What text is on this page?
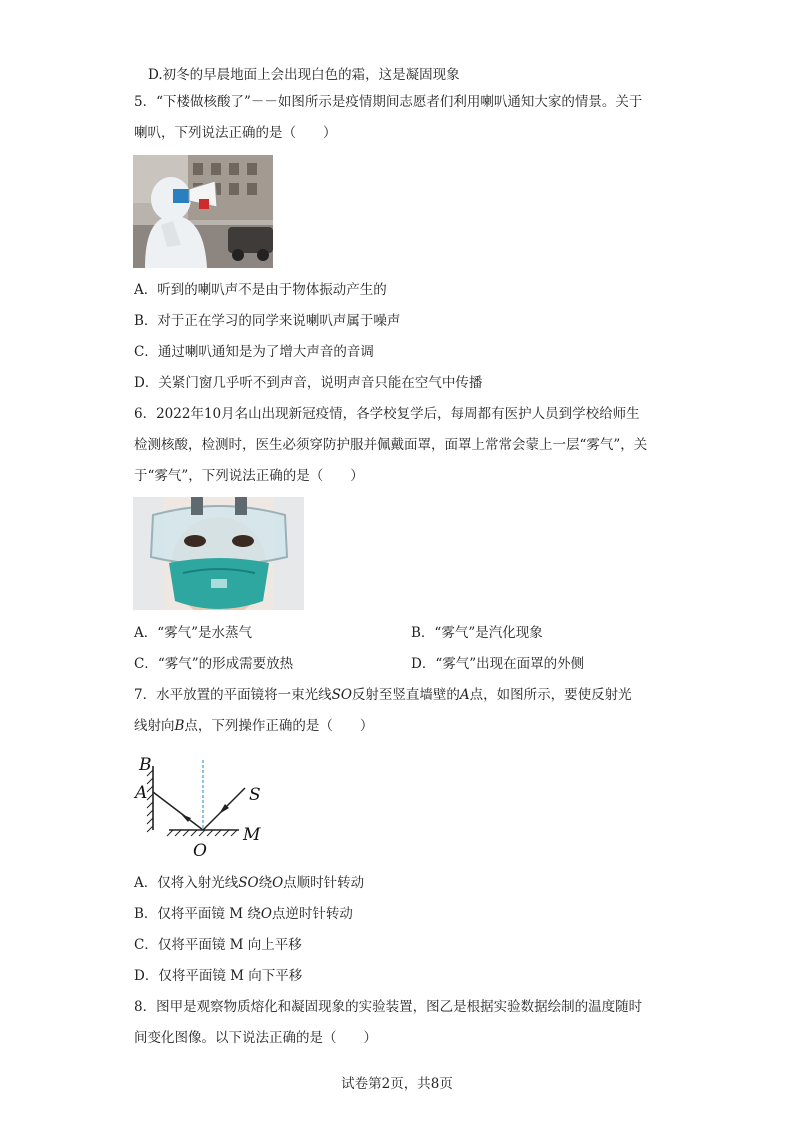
D.初冬的早晨地面上会出现白色的霜，这是凝固现象
5．“下楼做核酸了”－－如图所示是疫情期间志愿者们利用喇叭通知大家的情景。关于
喇叭，下列说法正确的是（　　）
A．听到的喇叭声不是由于物体振动产生的
B．对于正在学习的同学来说喇叭声属于噪声
C．通过喇叭通知是为了增大声音的音调
D．关紧门窗几乎听不到声音，说明声音只能在空气中传播
6．2022年10月名山出现新冠疫情，各学校复学后，每周都有医护人员到学校给师生
检测核酸，检测时，医生必须穿防护服并佩戴面罩，面罩上常常会蒙上一层“雾气”，关
于“雾气”，下列说法正确的是（　　）
A．“雾气”是水蒸气	B．“雾气”是汽化现象
C．“雾气”的形成需要放热	D．“雾气”出现在面罩的外侧
7．水平放置的平面镜将一束光线SO反射至竖直墙壁的A点，如图所示，要使反射光
线射向B点，下列操作正确的是（　　）
B
A	S
M
O
A．仅将入射光线SO绕O点顺时针转动
B．仅将平面镜 M 绕O点逆时针转动
C．仅将平面镜 M 向上平移
D．仅将平面镜 M 向下平移
8．图甲是观察物质熔化和凝固现象的实验装置，图乙是根据实验数据绘制的温度随时
间变化图像。以下说法正确的是（　　）
试卷第2页，共8页
